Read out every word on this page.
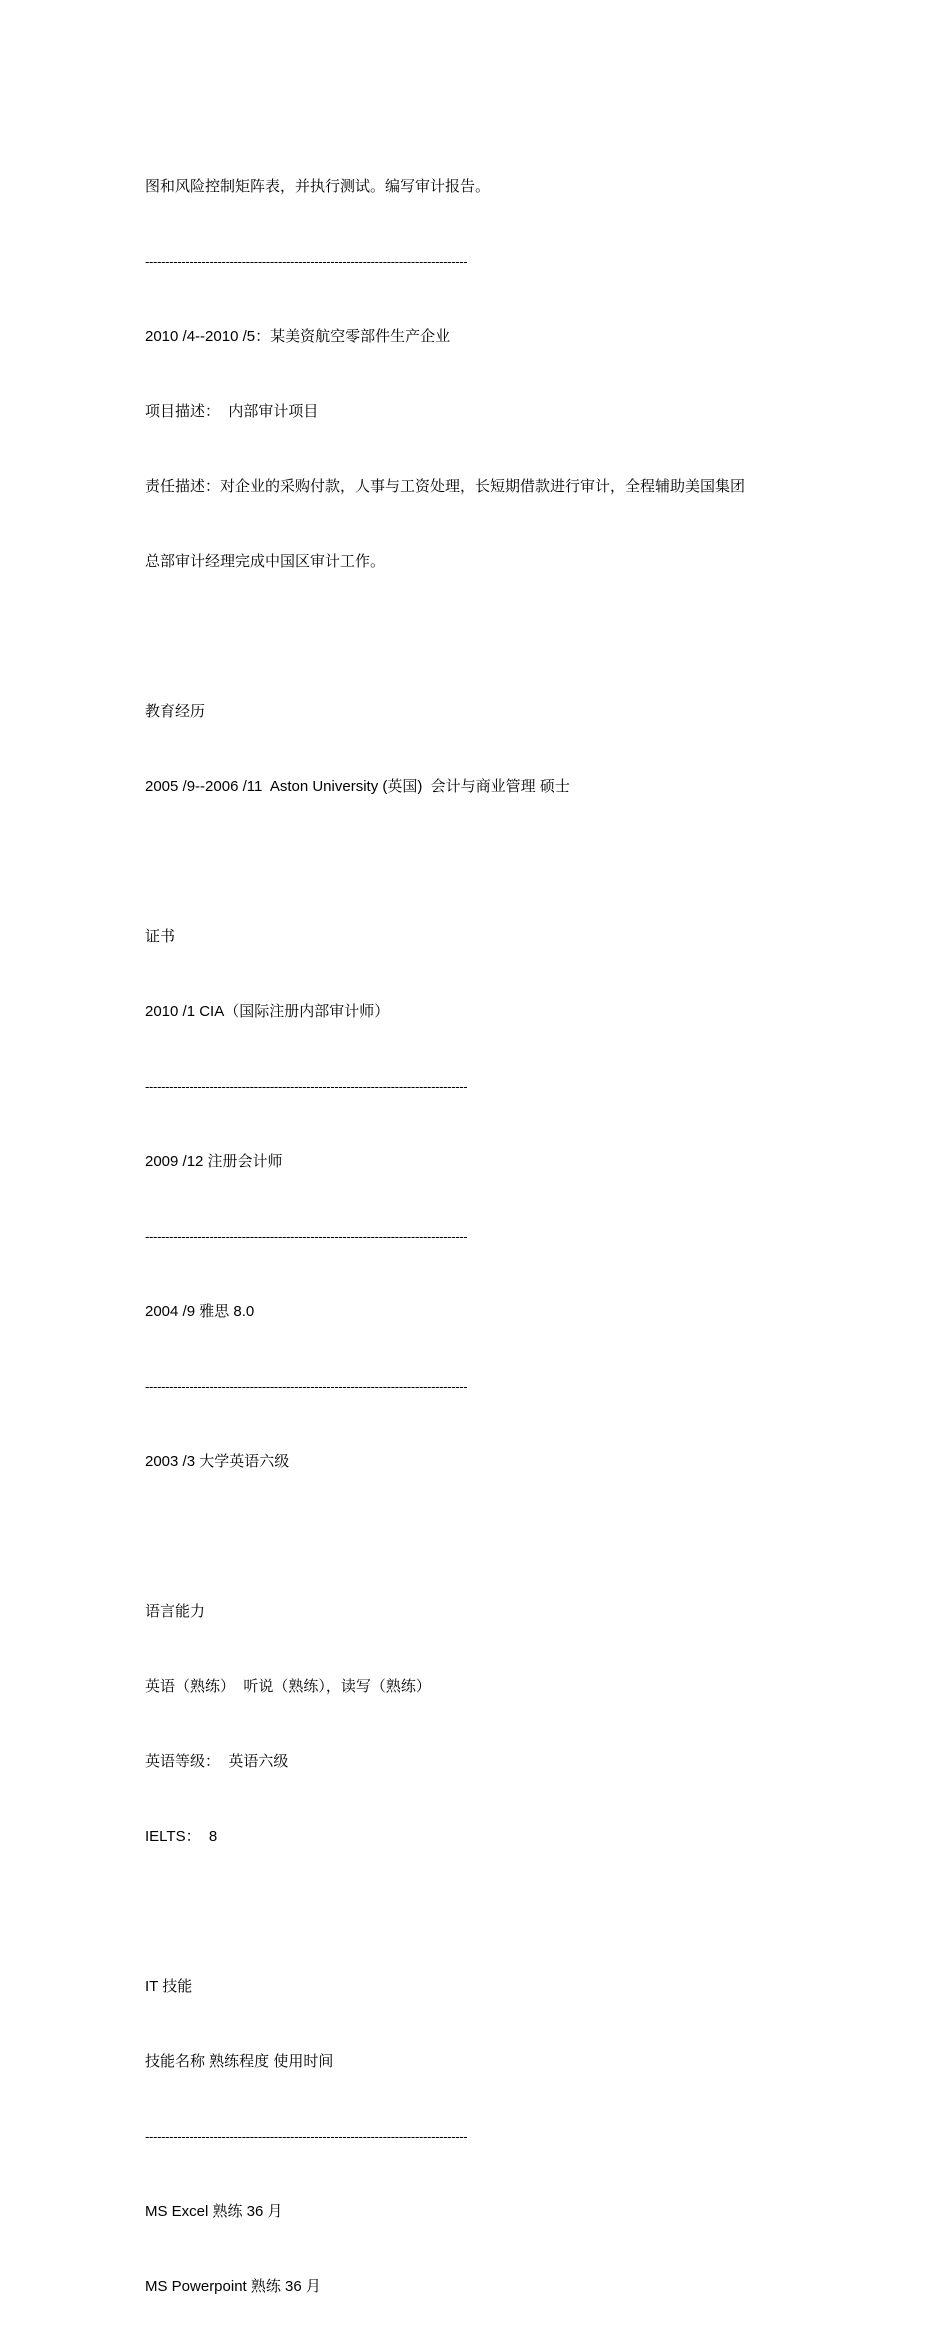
图和风险控制矩阵表，并执行测试。编写审计报告。

--------------------------------------------------------------------------------

2010 /4--2010 /5：某美资航空零部件生产企业

项目描述：  内部审计项目

责任描述：对企业的采购付款，人事与工资处理，长短期借款进行审计，全程辅助美国集团

总部审计经理完成中国区审计工作。

教育经历

2005 /9--2006 /11  Aston University (英国)  会计与商业管理 硕士

证书

2010 /1 CIA（国际注册内部审计师）

--------------------------------------------------------------------------------

2009 /12 注册会计师

--------------------------------------------------------------------------------

2004 /9 雅思 8.0

--------------------------------------------------------------------------------

2003 /3 大学英语六级

语言能力

英语（熟练）  听说（熟练），读写（熟练）

英语等级：  英语六级

IELTS：  8

IT 技能

技能名称 熟练程度 使用时间

--------------------------------------------------------------------------------

MS Excel 熟练 36 月

MS Powerpoint 熟练 36 月
